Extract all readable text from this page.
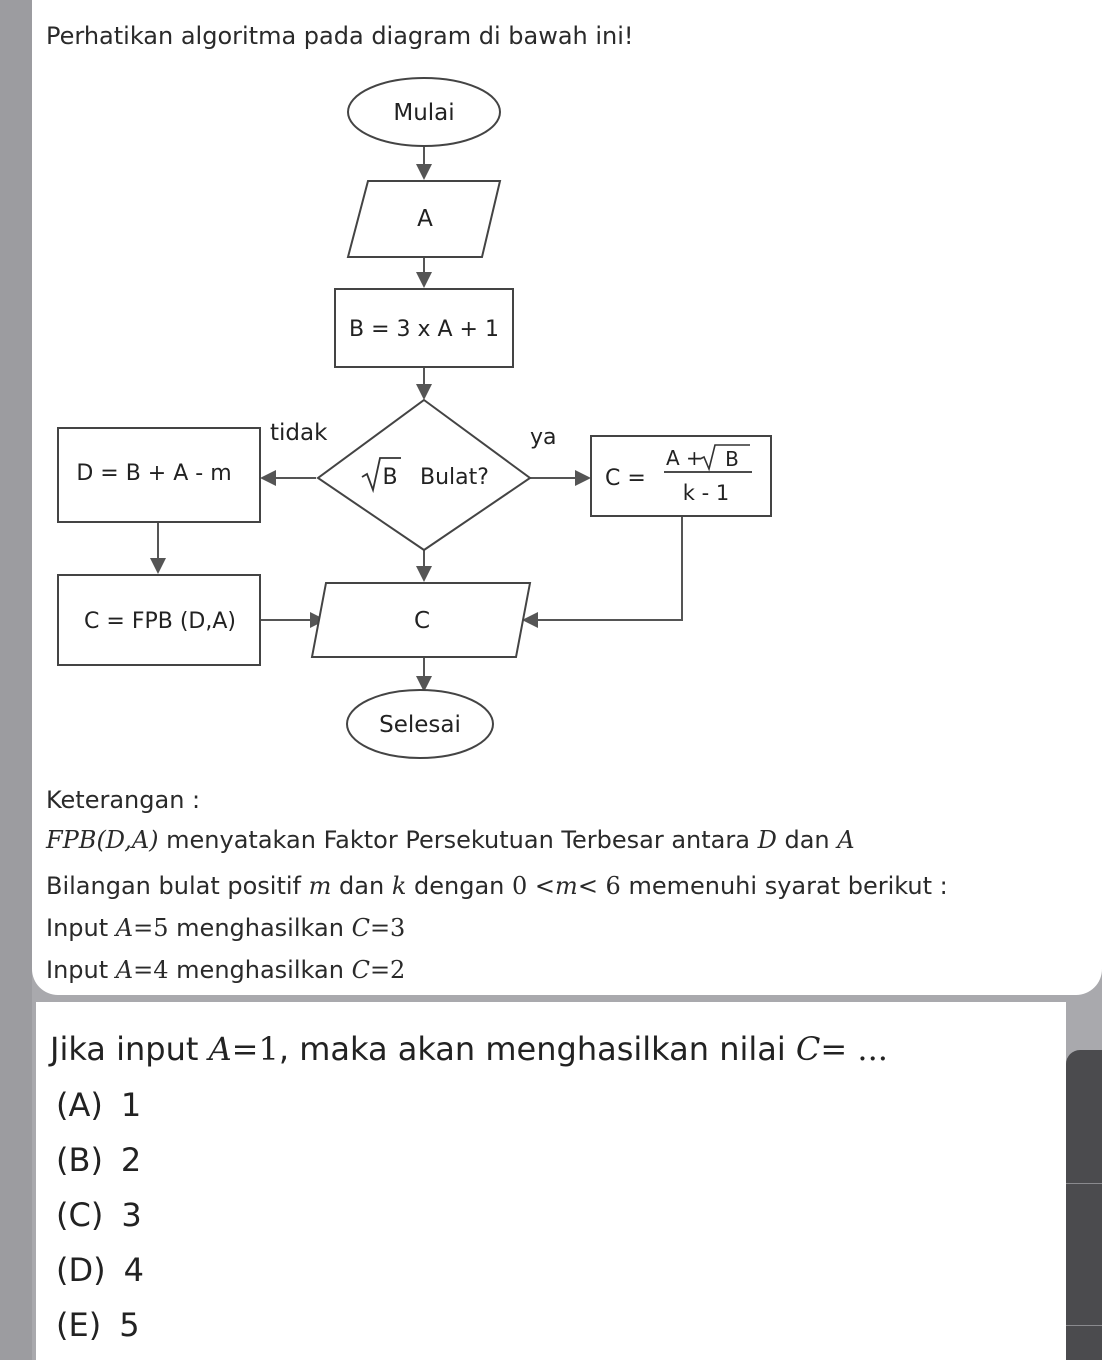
Perhatikan algoritma pada diagram di bawah ini!
Mulai
A
B = 3 x A + 1
B Bulat?
tidak	ya
D = B + A - m	C =
A + B
k - 1
C = FPB (D,A)	C
Selesai
Keterangan :
FPB(D,A) menyatakan Faktor Persekutuan Terbesar antara D dan A
Bilangan bulat positif m dan k dengan 0 <m< 6 memenuhi syarat berikut :
Input A=5 menghasilkan C=3
Input A=4 menghasilkan C=2
Jika input A=1, maka akan menghasilkan nilai C= ...
(A) 1
(B) 2
(C) 3
(D) 4
(E) 5
